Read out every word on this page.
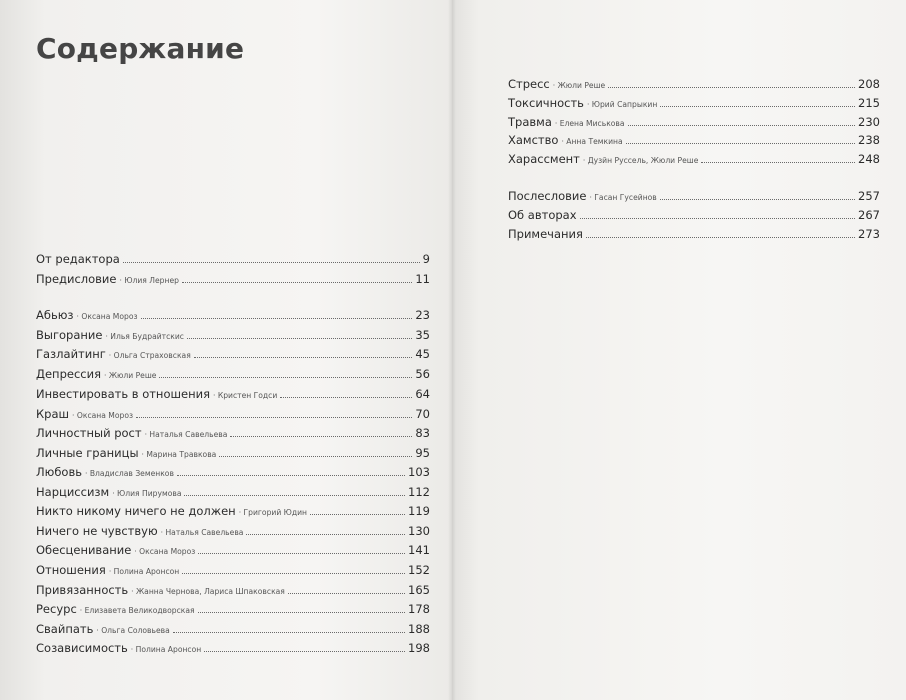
Содержание
От редактора	9
Предисловие	· Юлия Лернер	11
Абьюз	· Оксана Мороз	23
Выгорание	· Илья Будрайтскис	35
Газлайтинг	· Ольга Страховская	45
Депрессия	· Жюли Реше	56
Инвестировать в отношения	· Кристен Годси	64
Краш	· Оксана Мороз	70
Личностный рост	· Наталья Савельева	83
Личные границы	· Марина Травкова	95
Любовь	· Владислав Земенков	103
Нарциссизм	· Юлия Пирумова	112
Никто никому ничего не должен	· Григорий Юдин	119
Ничего не чувствую	· Наталья Савельева	130
Обесценивание	· Оксана Мороз	141
Отношения	· Полина Аронсон	152
Привязанность	· Жанна Чернова, Лариса Шпаковская	165
Ресурс	· Елизавета Великодворская	178
Свайпать	· Ольга Соловьева	188
Созависимость	· Полина Аронсон	198
Стресс	· Жюли Реше	208
Токсичность	· Юрий Сапрыкин	215
Травма	· Елена Миськова	230
Хамство	· Анна Темкина	238
Харассмент	· Дузйн Руссель, Жюли Реше	248
Послесловие	· Гасан Гусейнов	257
Об авторах	267
Примечания	273
